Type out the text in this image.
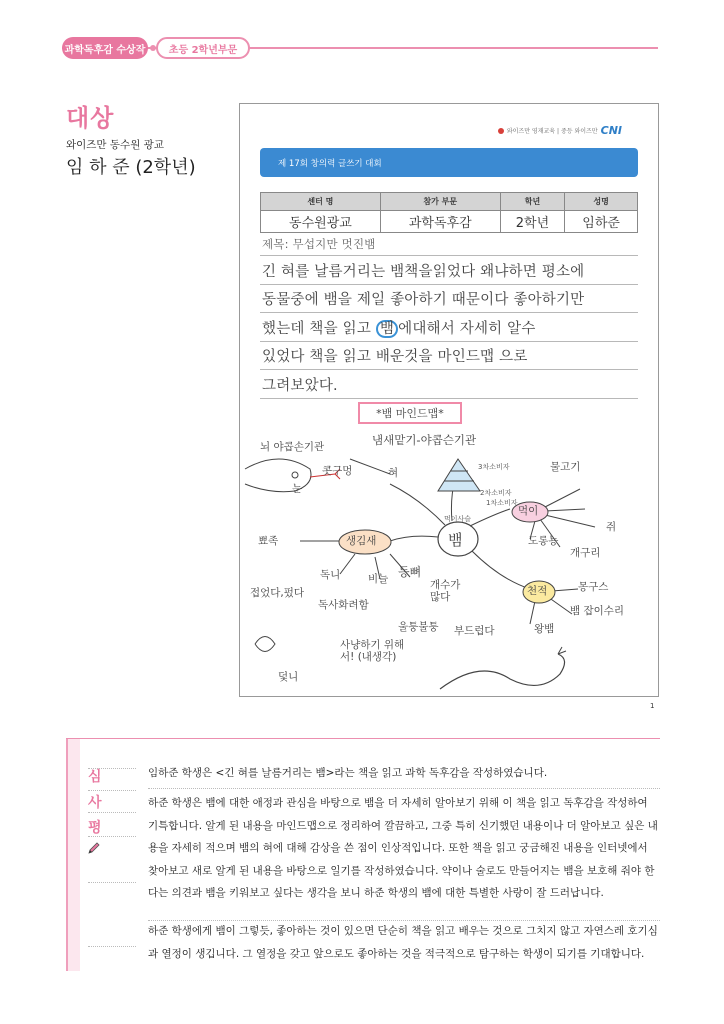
과학독후감 수상작	초등 2학년부문
대상
와이즈만 동수원 광교
임 하 준 (2학년)
와이즈만 영재교육 | 중등 와이즈만 CNI
제 17회 창의력 글쓰기 대회
센터 명	참가 부문	학년	성명
동수원광교	과학독후감	2학년	임하준
제목: 무섭지만 멋진뱀
긴 혀를 날름거리는 뱀책을읽었다 왜냐하면 평소에
동물중에 뱀을 제일 좋아하기 때문이다 좋아하기만
했는데 책을 읽고
뱀 에대해서 자세히 알수
있었다 책을 읽고 배운것을 마인드맵 으로
그려보았다.
*뱀 마인드맵*
뇌 야콥손기관	냄새맡기-야콥슨기관
콧구멍	혀
눈
생김새	뱀
뾰족
독니	비늘 등뼈
접었다,펐다
독사화려함
울퉁불퉁
사냥하기 위해서! (내생각)
개수가 많다
부드럽다
덫니
먹이
물고기
쥐
개구리
도롱뇽
천적	몽구스
뱀 잡이수리
왕뱀
3차소비자
2차소비자
1차소비자
먹이사슬
1
심
사
평
임하준 학생은 <긴 혀를 날름거리는 뱀>라는 책을 읽고 과학 독후감을 작성하였습니다.
하준 학생은 뱀에 대한 애정과 관심을 바탕으로 뱀을 더 자세히 알아보기 위해 이 책을 읽고 독후감을 작성하여 기특합니다. 알게 된 내용을 마인드맵으로 정리하여 깔끔하고, 그중 특히 신기했던 내용이나 더 알아보고 싶은 내용을 자세히 적으며 뱀의 혀에 대해 감상을 쓴 점이 인상적입니다. 또한 책을 읽고 궁금해진 내용을 인터넷에서 찾아보고 새로 알게 된 내용을 바탕으로 일기를 작성하였습니다. 약이나 술로도 만들어지는 뱀을 보호해 줘야 한다는 의견과 뱀을 키워보고 싶다는 생각을 보니 하준 학생의 뱀에 대한 특별한 사랑이 잘 드러납니다.
하준 학생에게 뱀이 그렇듯, 좋아하는 것이 있으면 단순히 책을 읽고 배우는 것으로 그치지 않고 자연스레 호기심과 열정이 생깁니다. 그 열정을 갖고 앞으로도 좋아하는 것을 적극적으로 탐구하는 학생이 되기를 기대합니다.
